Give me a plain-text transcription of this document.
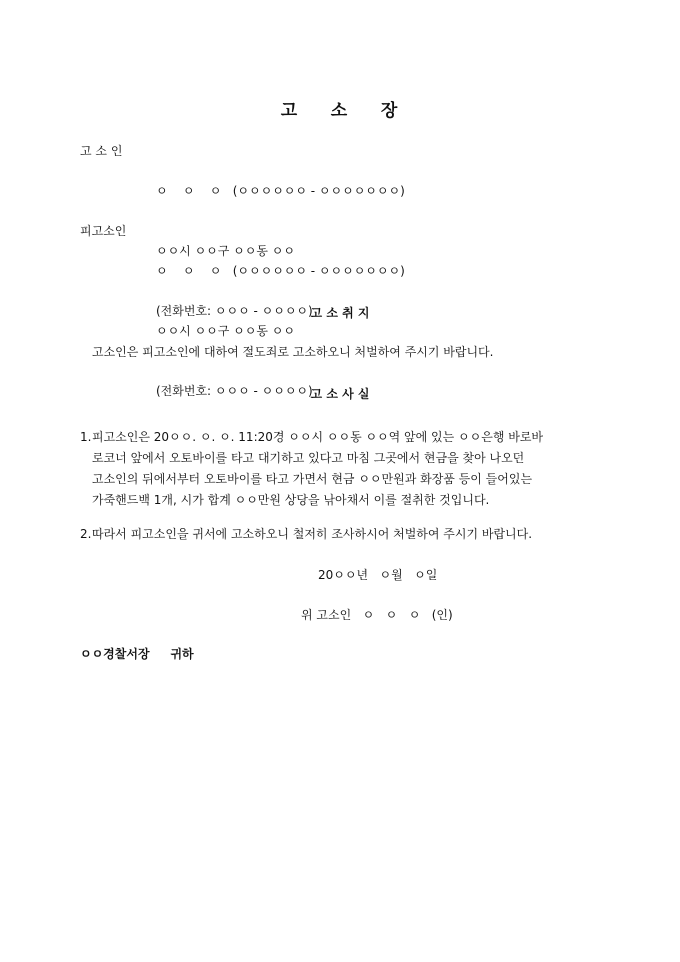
고    소    장
고 소 인

ㅇ    ㅇ    ㅇ   (ㅇㅇㅇㅇㅇㅇ - ㅇㅇㅇㅇㅇㅇㅇ)

ㅇㅇ시 ㅇㅇ구 ㅇㅇ동 ㅇㅇ

(전화번호: ㅇㅇㅇ - ㅇㅇㅇㅇ)

피고소인

ㅇ    ㅇ    ㅇ   (ㅇㅇㅇㅇㅇㅇ - ㅇㅇㅇㅇㅇㅇㅇ)

ㅇㅇ시 ㅇㅇ구 ㅇㅇ동 ㅇㅇ

(전화번호: ㅇㅇㅇ - ㅇㅇㅇㅇ)

고 소 취 지
고소인은 피고소인에 대하여 절도죄로 고소하오니 처벌하여 주시기 바랍니다.
고 소 사 실
1. 피고소인은 20ㅇㅇ. ㅇ. ㅇ. 11:20경 ㅇㅇ시 ㅇㅇ동 ㅇㅇ역 앞에 있는 ㅇㅇ은행 바로바
로코너 앞에서 오토바이를 타고 대기하고 있다고 마침 그곳에서 현금을 찾아 나오던
고소인의 뒤에서부터 오토바이를 타고 가면서 현금 ㅇㅇ만원과 화장품 등이 들어있는
가죽핸드백 1개, 시가 합계 ㅇㅇ만원 상당을 낚아채서 이를 절취한 것입니다.
2. 따라서 피고소인을 귀서에 고소하오니 철저히 조사하시어 처벌하여 주시기 바랍니다.
20ㅇㅇ년   ㅇ월   ㅇ일
위 고소인   ㅇ   ㅇ   ㅇ   (인)
ㅇㅇ경찰서장     귀하
